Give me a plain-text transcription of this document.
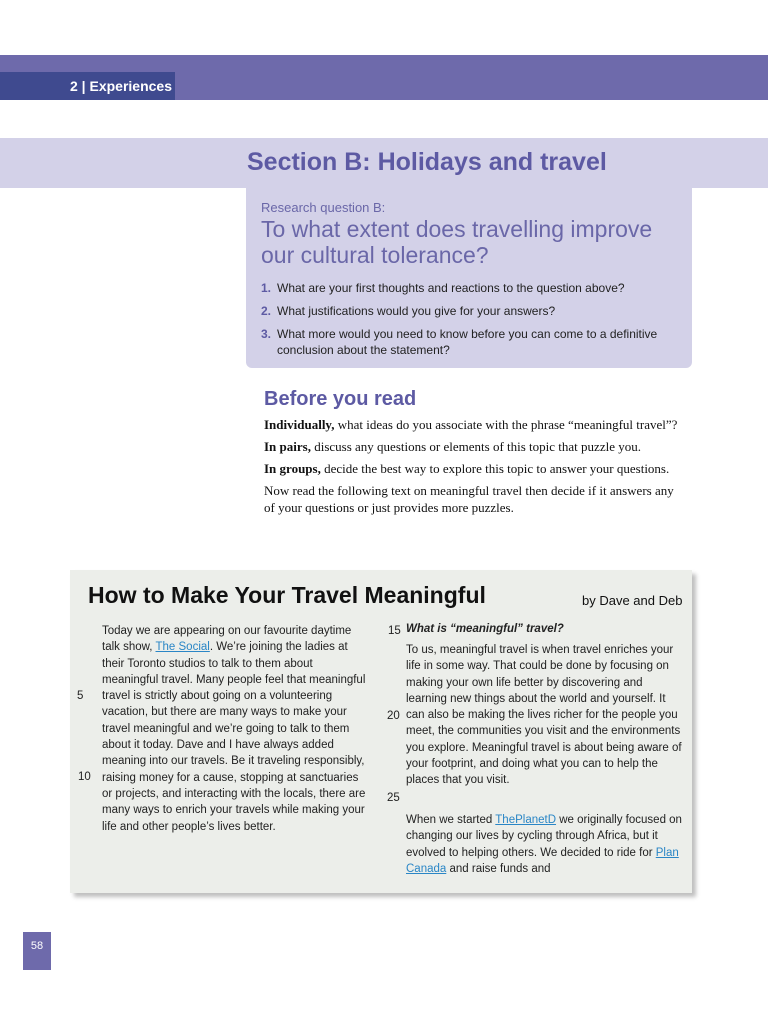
2 | Experiences
Section B: Holidays and travel
Research question B:
To what extent does travelling improve our cultural tolerance?
1. What are your first thoughts and reactions to the question above?
2. What justifications would you give for your answers?
3. What more would you need to know before you can come to a definitive conclusion about the statement?
Before you read

Individually, what ideas do you associate with the phrase “meaningful travel”?

In pairs, discuss any questions or elements of this topic that puzzle you.

In groups, decide the best way to explore this topic to answer your questions.

Now read the following text on meaningful travel then decide if it answers any of your questions or just provides more puzzles.

How to Make Your Travel Meaningful	by Dave and Deb

Today we are appearing on our favourite daytime talk show, The Social. We’re joining the ladies at their Toronto studios to talk to them about meaningful travel. Many people feel that meaningful travel is strictly about going on a volunteering vacation, but there are many ways to make your travel meaningful and we’re going to talk to them about it today. Dave and I have always added meaning into our travels. Be it traveling responsibly, raising money for a cause, stopping at sanctuaries or projects, and interacting with the locals, there are many ways to enrich your travels while making your life and other people’s lives better.

What is “meaningful” travel?

To us, meaningful travel is when travel enriches your life in some way. That could be done by focusing on making your own life better by discovering and learning new things about the world and yourself. It can also be making the lives richer for the people you meet, the communities you visit and the environments you explore. Meaningful travel is about being aware of your footprint, and doing what you can to help the places that you visit.

When we started ThePlanetD we originally focused on changing our lives by cycling through Africa, but it evolved to helping others. We decided to ride for Plan Canada and raise funds and

5
10
15
20
25
58
